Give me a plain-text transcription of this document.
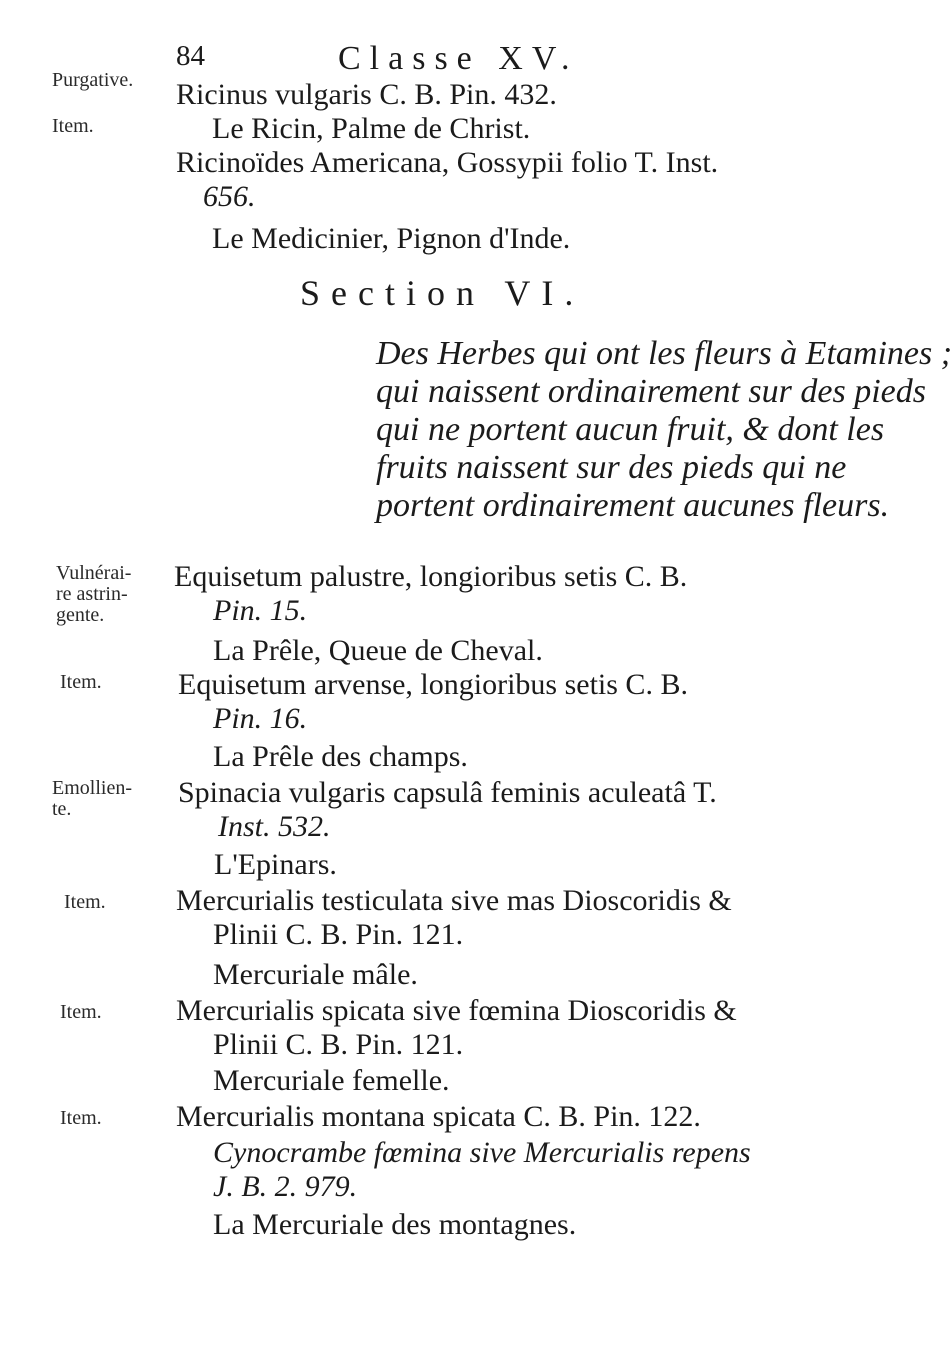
84	Classe XV.
Purgative. Ricinus vulgaris C. B. Pin. 432.
Le Ricin, Palme de Christ.
Item.
Ricinoïdes Americana, Gossypii folio T. Inst.
656.
Le Medicinier, Pignon d'Inde.
Section VI.
Des Herbes qui ont les fleurs à Etamines ;
qui naissent ordinairement sur des pieds
qui ne portent aucun fruit, & dont les
fruits naissent sur des pieds qui ne
portent ordinairement aucunes fleurs.
Vulnérai-
re astrin-
gente.
Equisetum palustre, longioribus setis C. B.
Pin. 15.
La Prêle, Queue de Cheval.
Item.	Equisetum arvense, longioribus setis C. B.
Pin. 16.
La Prêle des champs.
Emollien-
te.	Spinacia vulgaris capsulâ feminis aculeatâ T.
Inst. 532.
L'Epinars.
Item. Mercurialis testiculata sive mas Dioscoridis &
Plinii C. B. Pin. 121.
Mercuriale mâle.
Item. Mercurialis spicata sive fœmina Dioscoridis &
Plinii C. B. Pin. 121.
Mercuriale femelle.
Item. Mercurialis montana spicata C. B. Pin. 122.
Cynocrambe fœmina sive Mercurialis repens
J. B. 2. 979.
La Mercuriale des montagnes.
